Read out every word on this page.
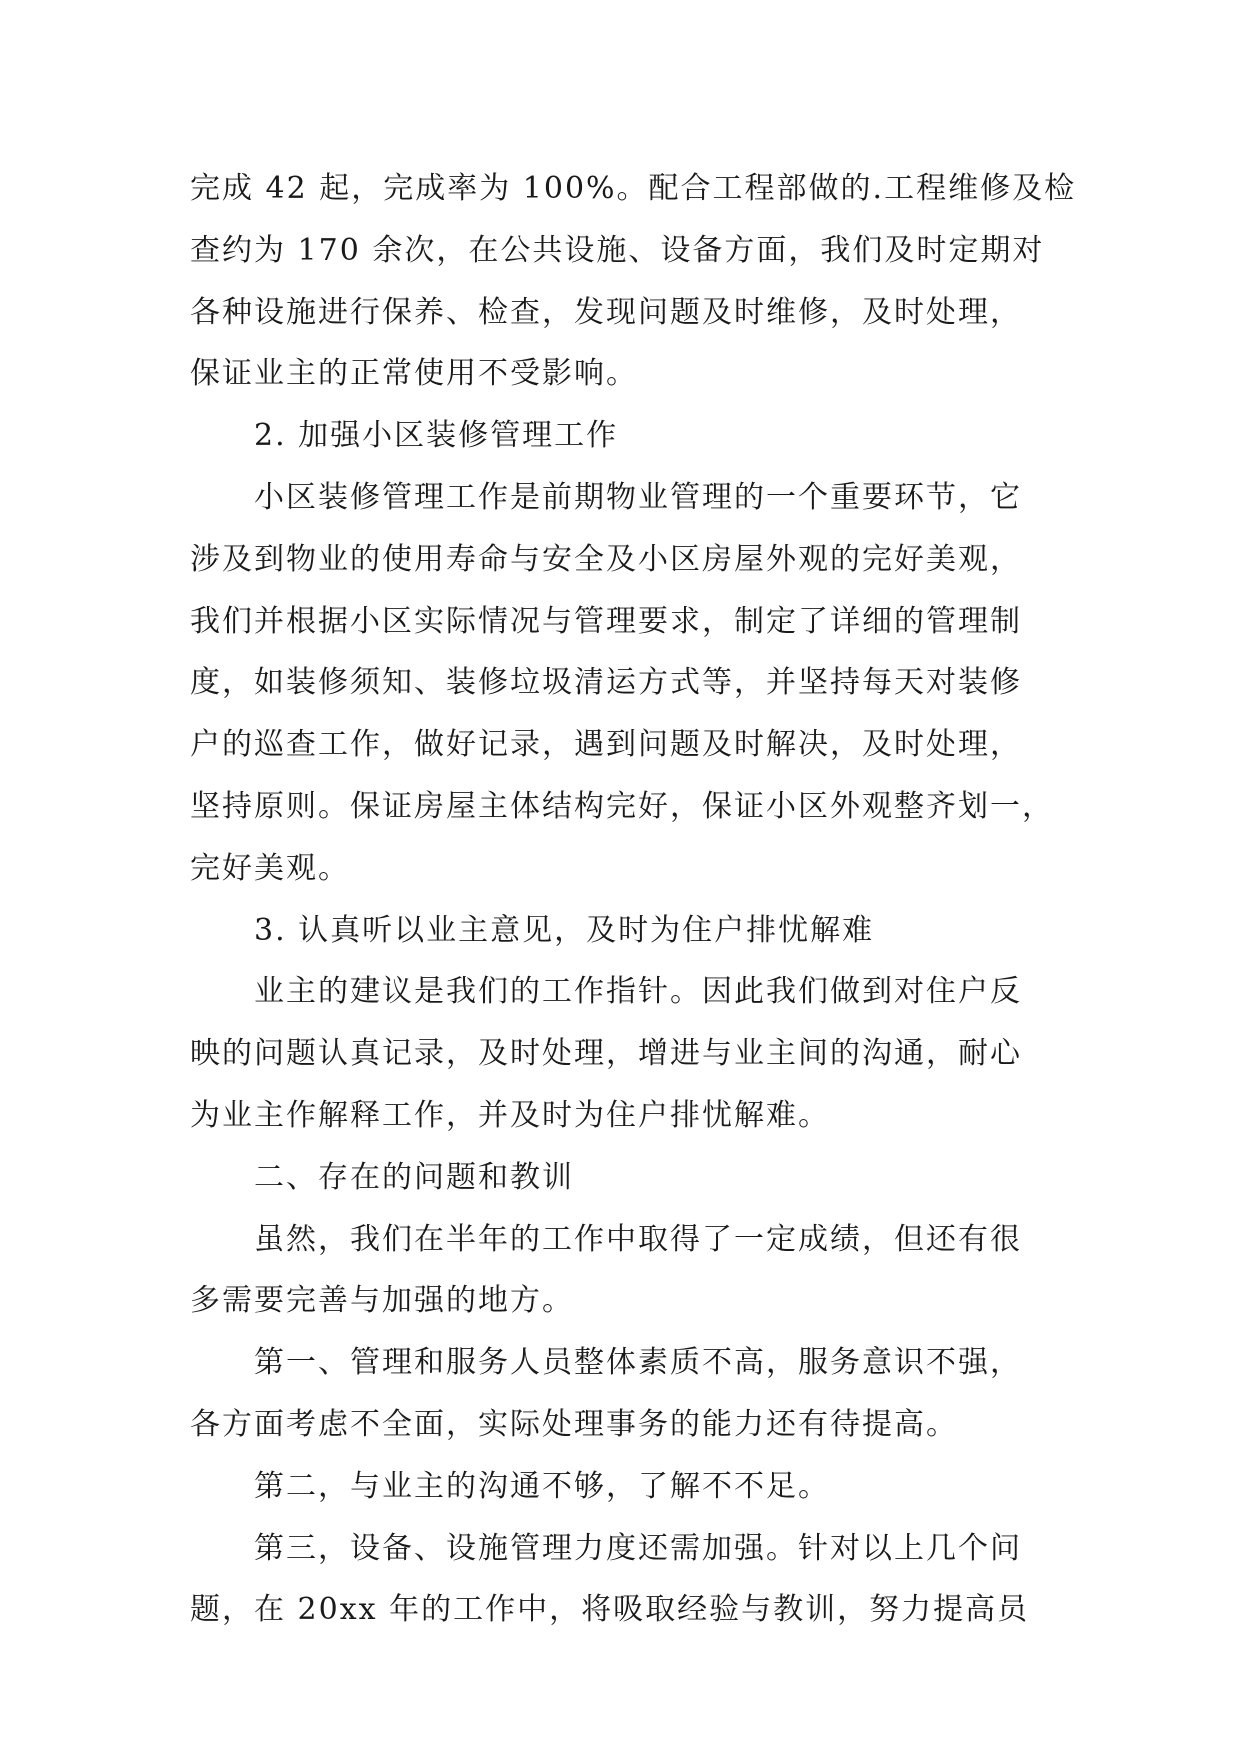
完成 42 起，完成率为 100%。配合工程部做的.工程维修及检
查约为 170 余次，在公共设施、设备方面，我们及时定期对
各种设施进行保养、检查，发现问题及时维修，及时处理，
保证业主的正常使用不受影响。
2. 加强小区装修管理工作
小区装修管理工作是前期物业管理的一个重要环节，它
涉及到物业的使用寿命与安全及小区房屋外观的完好美观，
我们并根据小区实际情况与管理要求，制定了详细的管理制
度，如装修须知、装修垃圾清运方式等，并坚持每天对装修
户的巡查工作，做好记录，遇到问题及时解决，及时处理，
坚持原则。保证房屋主体结构完好，保证小区外观整齐划一，
完好美观。
3. 认真听以业主意见，及时为住户排忧解难
业主的建议是我们的工作指针。因此我们做到对住户反
映的问题认真记录，及时处理，增进与业主间的沟通，耐心
为业主作解释工作，并及时为住户排忧解难。
二、存在的问题和教训
虽然，我们在半年的工作中取得了一定成绩，但还有很
多需要完善与加强的地方。
第一、管理和服务人员整体素质不高，服务意识不强，
各方面考虑不全面，实际处理事务的能力还有待提高。
第二，与业主的沟通不够，了解不不足。
第三，设备、设施管理力度还需加强。针对以上几个问
题，在 20xx 年的工作中，将吸取经验与教训，努力提高员
